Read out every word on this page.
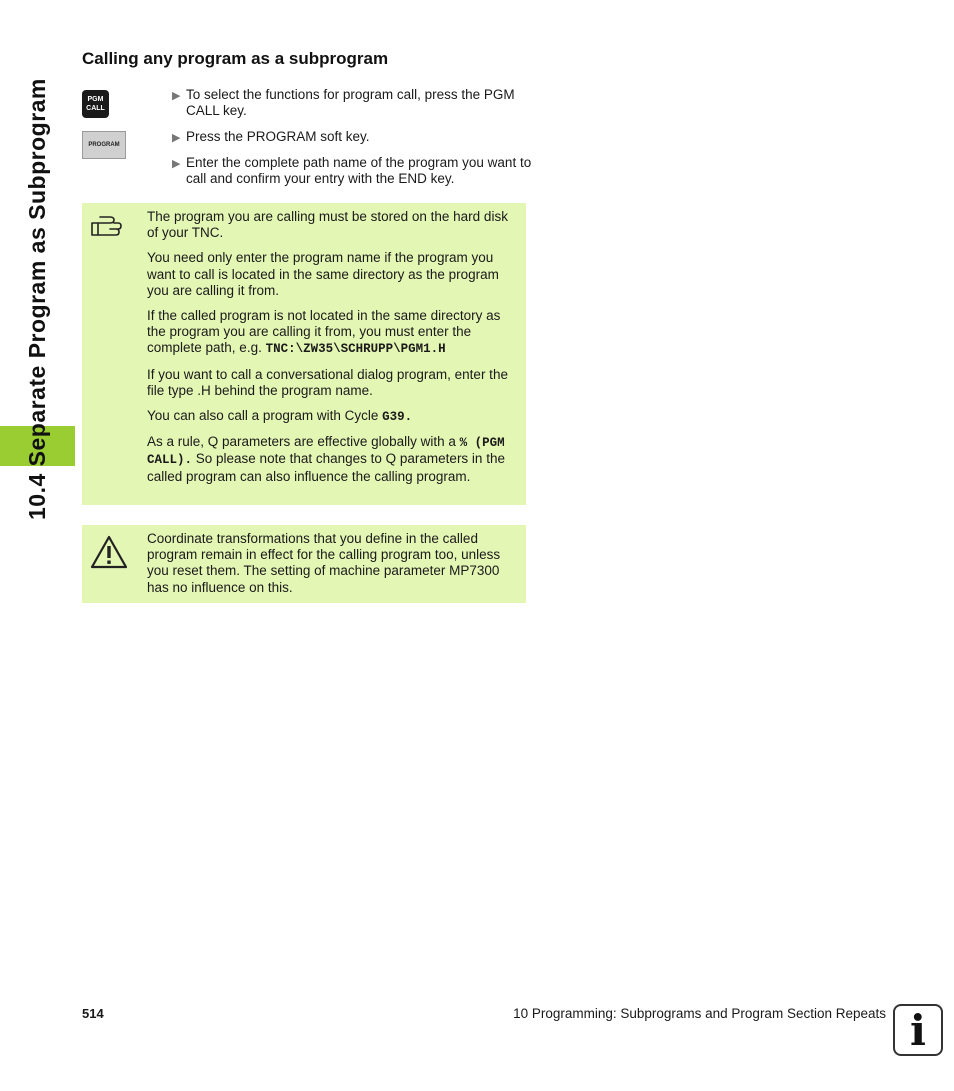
10.4 Separate Program as Subprogram
Calling any program as a subprogram
PGM
CALL
PROGRAM
▶ To select the functions for program call, press the PGM CALL key.
▶ Press the PROGRAM soft key.
▶ Enter the complete path name of the program you want to call and confirm your entry with the END key.

The program you are calling must be stored on the hard disk of your TNC.

You need only enter the program name if the program you want to call is located in the same directory as the program you are calling it from.

If the called program is not located in the same directory as the program you are calling it from, you must enter the complete path, e.g. TNC:\ZW35\SCHRUPP\PGM1.H

If you want to call a conversational dialog program, enter the file type .H behind the program name.

You can also call a program with Cycle G39.

As a rule, Q parameters are effective globally with a % (PGM CALL). So please note that changes to Q parameters in the called program can also influence the calling program.

Coordinate transformations that you define in the called program remain in effect for the calling program too, unless you reset them. The setting of machine parameter MP7300 has no influence on this.

514	10 Programming: Subprograms and Program Section Repeats i
